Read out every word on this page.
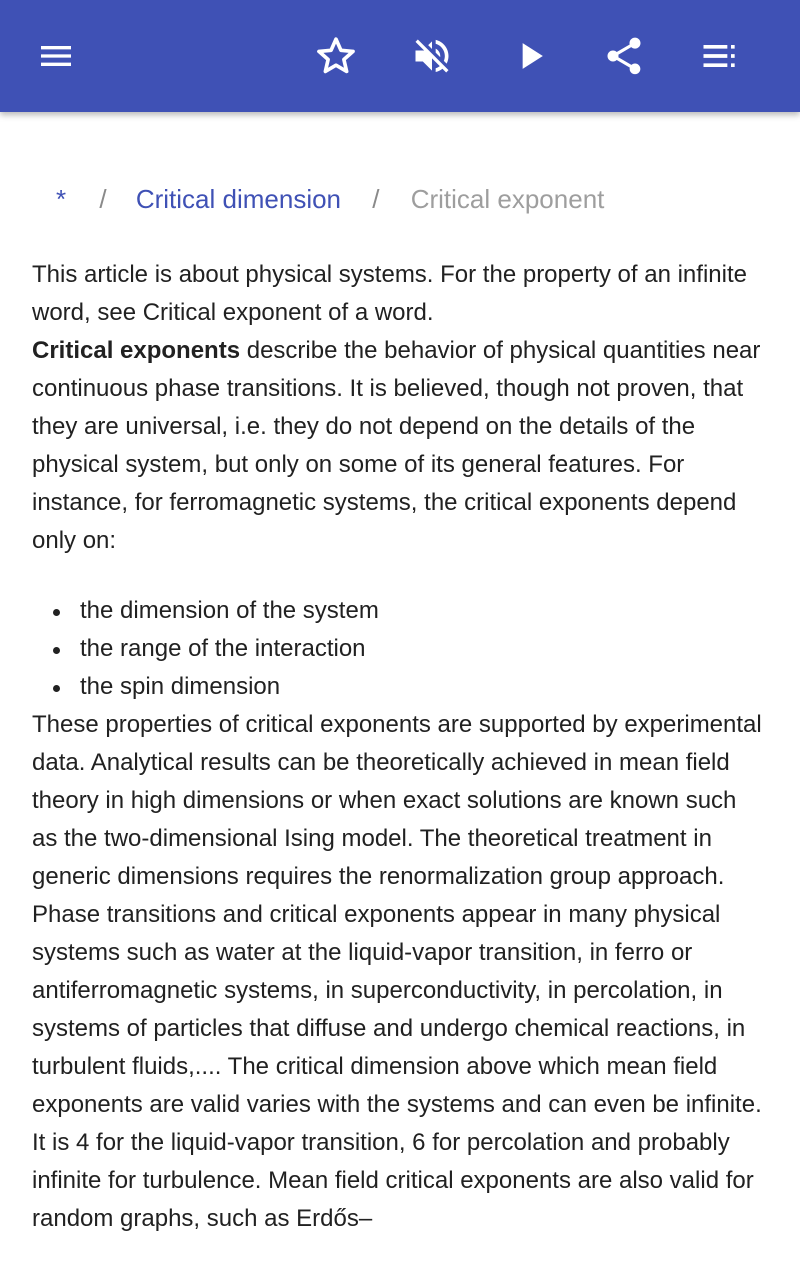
* / Critical dimension / Critical exponent

This article is about physical systems. For the property of an infinite word, see Critical exponent of a word.

Critical exponents describe the behavior of physical quantities near continuous phase transitions. It is believed, though not proven, that they are universal, i.e. they do not depend on the details of the physical system, but only on some of its general features. For instance, for ferromagnetic systems, the critical exponents depend only on:

the dimension of the system
the range of the interaction
the spin dimension

These properties of critical exponents are supported by experimental data. Analytical results can be theoretically achieved in mean field theory in high dimensions or when exact solutions are known such as the two-dimensional Ising model. The theoretical treatment in generic dimensions requires the renormalization group approach. Phase transitions and critical exponents appear in many physical systems such as water at the liquid-vapor transition, in ferro or antiferromagnetic systems, in superconductivity, in percolation, in systems of particles that diffuse and undergo chemical reactions, in turbulent fluids,.... The critical dimension above which mean field exponents are valid varies with the systems and can even be infinite. It is 4 for the liquid-vapor transition, 6 for percolation and probably infinite for turbulence. Mean field critical exponents are also valid for random graphs, such as Erdős–
